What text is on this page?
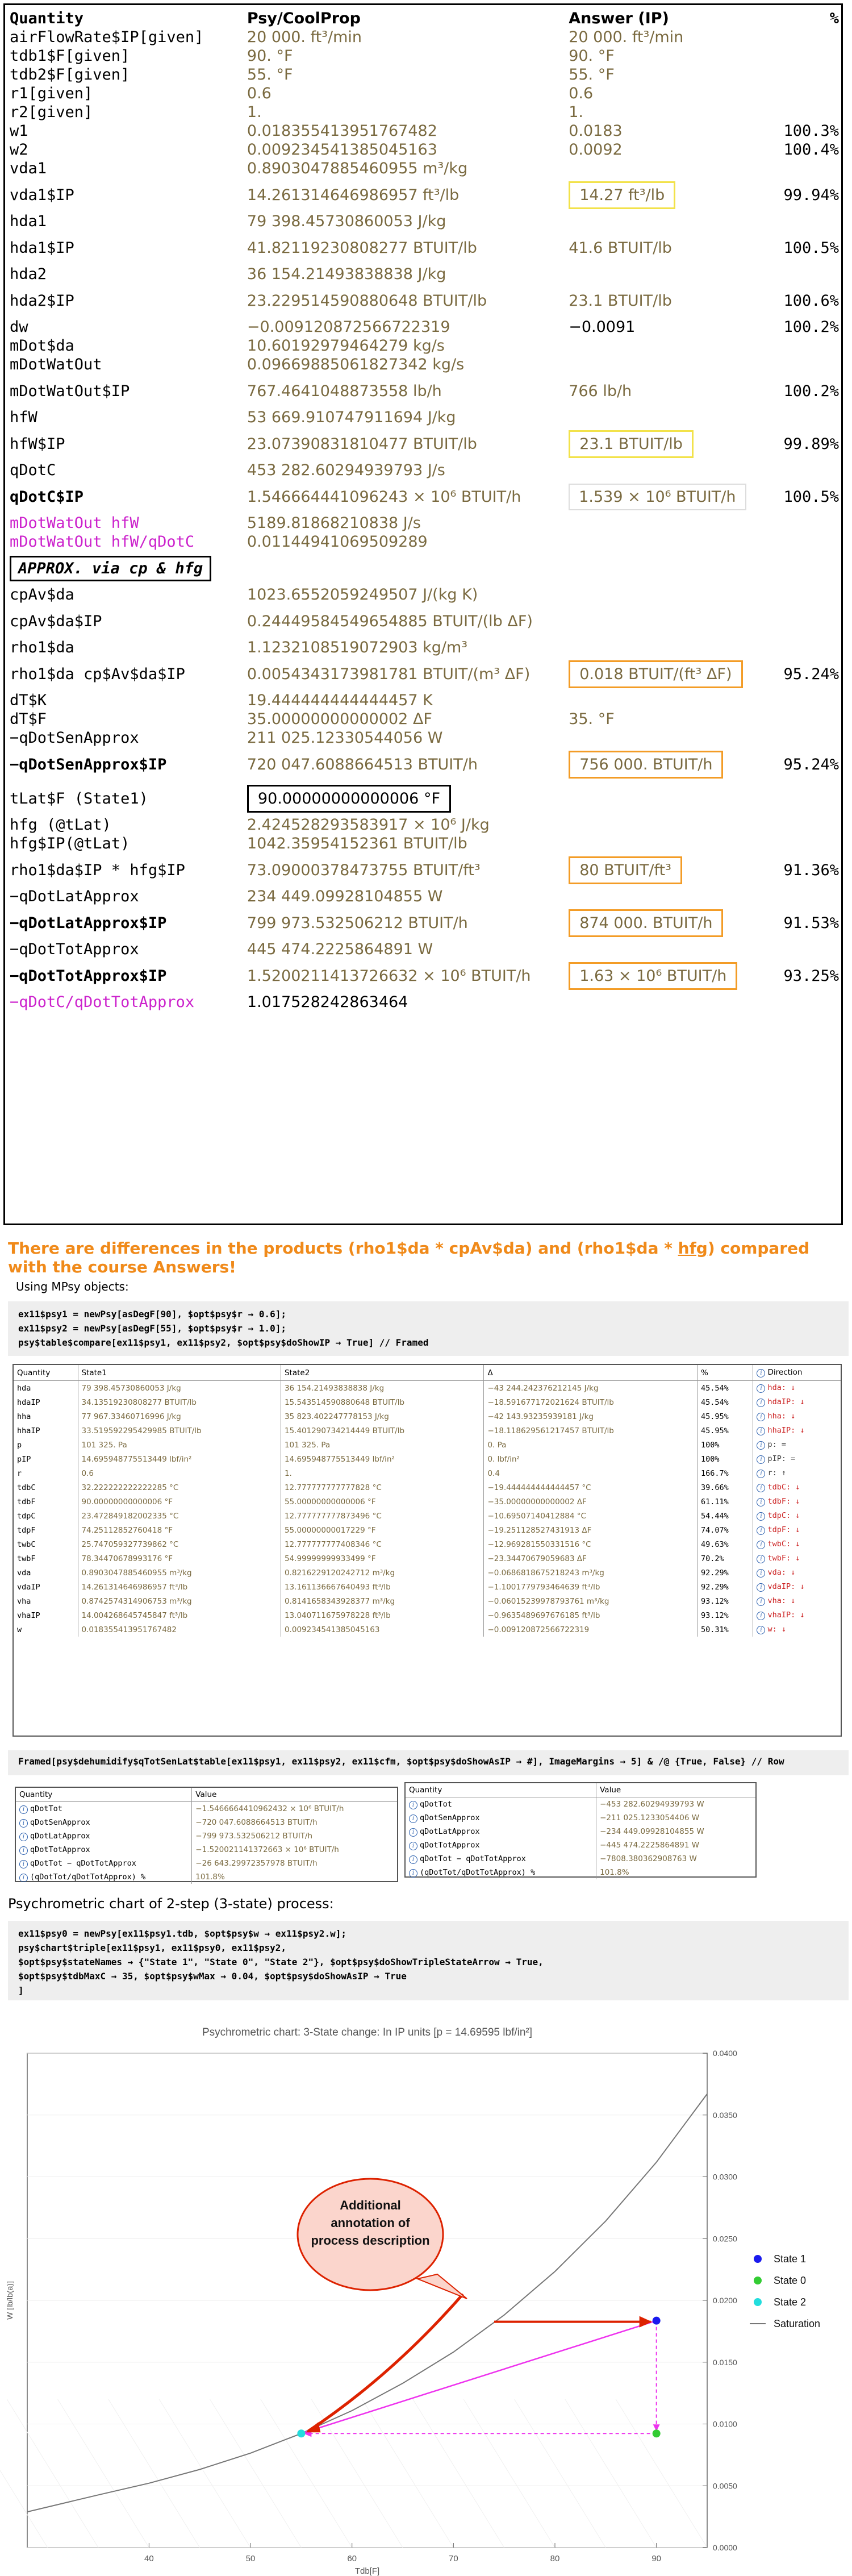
Quantity	Psy/CoolProp	Answer (IP)	%
airFlowRate$IP[given]	20 000. ft³/min	20 000. ft³/min	
tdb1$F[given]	90. °F	90. °F	
tdb2$F[given]	55. °F	55. °F	
r1[given]	0.6	0.6	
r2[given]	1.	1.	
w1	0.018355413951767482	0.0183	100.3%
w2	0.009234541385045163	0.0092	100.4%
vda1	0.8903047885460955 m³/kg		
vda1$IP	14.261314646986957 ft³/lb	14.27 ft³/lb	99.94%
hda1	79 398.45730860053 J/kg		
hda1$IP	41.82119230808277 BTUIT/lb	41.6 BTUIT/lb	100.5%
hda2	36 154.21493838838 J/kg		
hda2$IP	23.229514590880648 BTUIT/lb	23.1 BTUIT/lb	100.6%
dw	−0.009120872566722319	−0.0091	100.2%
mDot$da	10.60192979464279 kg/s		
mDotWatOut	0.09669885061827342 kg/s		
mDotWatOut$IP	767.4641048873558 lb/h	766 lb/h	100.2%
hfW	53 669.910747911694 J/kg		
hfW$IP	23.07390831810477 BTUIT/lb	23.1 BTUIT/lb	99.89%
qDotC	453 282.60294939793 J/s		
qDotC$IP	1.546664441096243 × 10⁶ BTUIT/h	1.539 × 10⁶ BTUIT/h	100.5%
mDotWatOut hfW	5189.81868210838 J/s		
mDotWatOut hfW/qDotC	0.01144941069509289		
APPROX. via cp & hfg			
cpAv$da	1023.6552059249507 J/(kg K)		
cpAv$da$IP	0.24449584549654885 BTUIT/(lb ΔF)		
rho1$da	1.1232108519072903 kg/m³		
rho1$da cp$Av$da$IP	0.0054343173981781 BTUIT/(m³ ΔF)	0.018 BTUIT/(ft³ ΔF)	95.24%
dT$K	19.444444444444457 K		
dT$F	35.00000000000002 ΔF	35. °F	
−qDotSenApprox	211 025.12330544056 W		
−qDotSenApprox$IP	720 047.6088664513 BTUIT/h	756 000. BTUIT/h	95.24%
tLat$F (State1)	90.00000000000006 °F		
hfg (@tLat)	2.424528293583917 × 10⁶ J/kg		
hfg$IP(@tLat)	1042.35954152361 BTUIT/lb		
rho1$da$IP * hfg$IP	73.09000378473755 BTUIT/ft³	80 BTUIT/ft³	91.36%
−qDotLatApprox	234 449.09928104855 W		
−qDotLatApprox$IP	799 973.532506212 BTUIT/h	874 000. BTUIT/h	91.53%
−qDotTotApprox	445 474.2225864891 W		
−qDotTotApprox$IP	1.5200211413726632 × 10⁶ BTUIT/h	1.63 × 10⁶ BTUIT/h	93.25%
−qDotC/qDotTotApprox	1.017528242863464		
There are differences in the products (rho1$da * cpAv$da) and (rho1$da * hfg) compared with the course Answers!
Using MPsy objects:
ex11$psy1 = newPsy[asDegF[90], $opt$psy$r → 0.6];
ex11$psy2 = newPsy[asDegF[55], $opt$psy$r → 1.0];
psy$table$compare[ex11$psy1, ex11$psy2, $opt$psy$doShowIP → True] // Framed
Quantity	State1	State2	Δ	%	i Direction
hda	79 398.45730860053 J/kg	36 154.21493838838 J/kg	−43 244.242376212145 J/kg	45.54%	i hda: ↓
hdaIP	34.13519230808277 BTUIT/lb	15.543514590880648 BTUIT/lb	−18.591677172021624 BTUIT/lb	45.54%	i hdaIP: ↓
hha	77 967.33460716996 J/kg	35 823.402247778153 J/kg	−42 143.93235939181 J/kg	45.95%	i hha: ↓
hhaIP	33.519592295429985 BTUIT/lb	15.401290734214449 BTUIT/lb	−18.118629561217457 BTUIT/lb	45.95%	i hhaIP: ↓
p	101 325. Pa	101 325. Pa	0. Pa	100%	i p: =
pIP	14.695948775513449 lbf/in²	14.695948775513449 lbf/in²	0. lbf/in²	100%	i pIP: =
r	0.6	1.	0.4	166.7%	i r: ↑
tdbC	32.222222222222285 °C	12.777777777777828 °C	−19.444444444444457 °C	39.66%	i tdbC: ↓
tdbF	90.00000000000006 °F	55.00000000000006 °F	−35.00000000000002 ΔF	61.11%	i tdbF: ↓
tdpC	23.472849182002335 °C	12.777777777873496 °C	−10.69507140412884 °C	54.44%	i tdpC: ↓
tdpF	74.25112852760418 °F	55.00000000017229 °F	−19.251128527431913 ΔF	74.07%	i tdpF: ↓
twbC	25.747059327739862 °C	12.777777777408346 °C	−12.969281550331516 °C	49.63%	i twbC: ↓
twbF	78.34470678993176 °F	54.99999999933499 °F	−23.34470679059683 ΔF	70.2%	i twbF: ↓
vda	0.8903047885460955 m³/kg	0.8216229120242712 m³/kg	−0.0686818675218243 m³/kg	92.29%	i vda: ↓
vdaIP	14.261314646986957 ft³/lb	13.161136667640493 ft³/lb	−1.1001779793464639 ft³/lb	92.29%	i vdaIP: ↓
vha	0.8742574314906753 m³/kg	0.8141658343928377 m³/kg	−0.06015239978793761 m³/kg	93.12%	i vha: ↓
vhaIP	14.004268645745847 ft³/lb	13.040711675978228 ft³/lb	−0.9635489697676185 ft³/lb	93.12%	i vhaIP: ↓
w	0.018355413951767482	0.009234541385045163	−0.009120872566722319	50.31%	i w: ↓
Framed[psy$dehumidify$qTotSenLat$table[ex11$psy1, ex11$psy2, ex11$cfm, $opt$psy$doShowAsIP → #], ImageMargins → 5] & /@ {True, False} // Row
Quantity	Value
i qDotTot	−1.5466664410962432 × 10⁶ BTUIT/h
i qDotSenApprox	−720 047.6088664513 BTUIT/h
i qDotLatApprox	−799 973.532506212 BTUIT/h
i qDotTotApprox	−1.520021141372663 × 10⁶ BTUIT/h
i qDotTot − qDotTotApprox	−26 643.29972357978 BTUIT/h
i (qDotTot/qDotTotApprox) %	101.8%
Quantity	Value
i qDotTot	−453 282.60294939793 W
i qDotSenApprox	−211 025.1233054406 W
i qDotLatApprox	−234 449.09928104855 W
i qDotTotApprox	−445 474.2225864891 W
i qDotTot − qDotTotApprox	−7808.380362908763 W
i (qDotTot/qDotTotApprox) %	101.8%
Psychrometric chart of 2-step (3-state) process:
ex11$psy0 = newPsy[ex11$psy1.tdb, $opt$psy$w → ex11$psy2.w];
psy$chart$triple[ex11$psy1, ex11$psy0, ex11$psy2,
$opt$psy$stateNames → {"State 1", "State 0", "State 2"}, $opt$psy$doShowTripleStateArrow → True,
$opt$psy$tdbMaxC → 35, $opt$psy$wMax → 0.04, $opt$psy$doShowAsIP → True
]
Psychrometric chart: 3-State change: In IP units [p = 14.69595 lbf/in²]
40	50	60	70	80	90
0.0000
0.0050
0.0100
0.0150
0.0200
0.0250
0.0300
0.0350
0.0400
Tdb[F]
W [lb/lb(a)]
Additional annotation of process description
State 1
State 0
State 2
Saturation
